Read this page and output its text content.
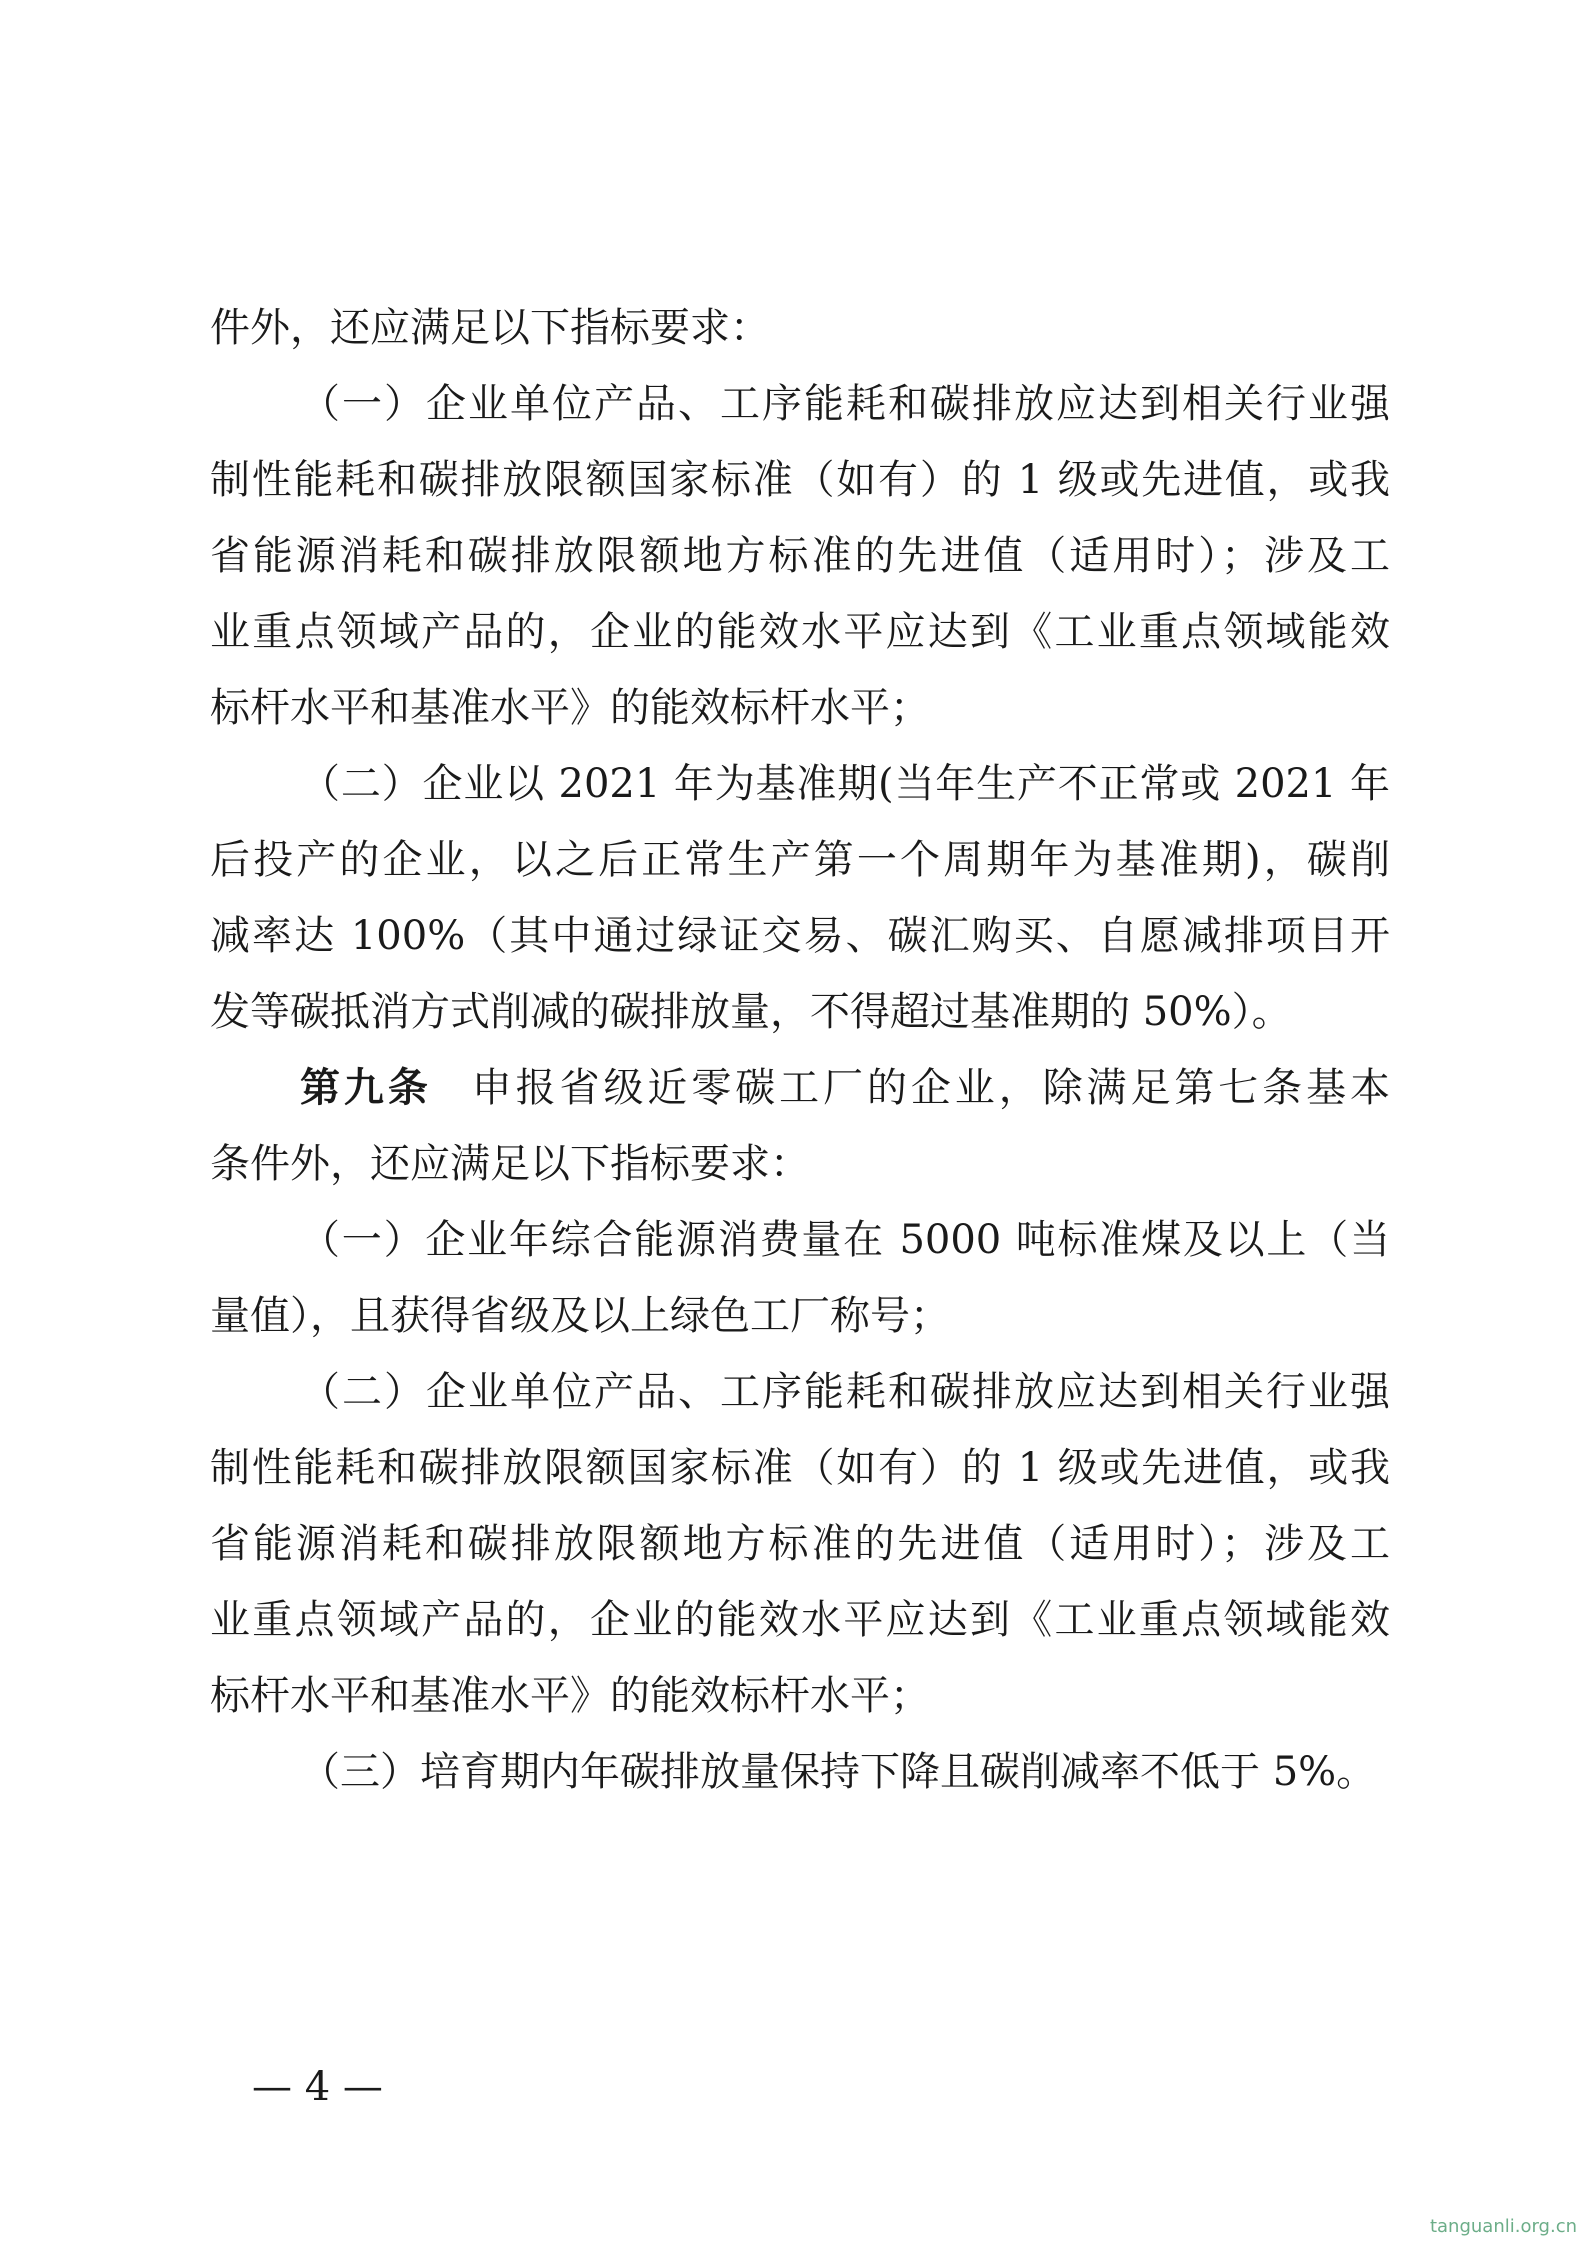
件外，还应满足以下指标要求：
（一）企业单位产品、工序能耗和碳排放应达到相关行业强
制性能耗和碳排放限额国家标准（如有）的 1 级或先进值，或我
省能源消耗和碳排放限额地方标准的先进值（适用时）；涉及工
业重点领域产品的，企业的能效水平应达到《工业重点领域能效
标杆水平和基准水平》的能效标杆水平；
（二）企业以 2021 年为基准期(当年生产不正常或 2021 年
后投产的企业，以之后正常生产第一个周期年为基准期)，碳削
减率达 100%（其中通过绿证交易、碳汇购买、自愿减排项目开
发等碳抵消方式削减的碳排放量，不得超过基准期的 50%）。
第九条 申报省级近零碳工厂的企业，除满足第七条基本
条件外，还应满足以下指标要求：
（一）企业年综合能源消费量在 5000 吨标准煤及以上（当
量值），且获得省级及以上绿色工厂称号；
（二）企业单位产品、工序能耗和碳排放应达到相关行业强
制性能耗和碳排放限额国家标准（如有）的 1 级或先进值，或我
省能源消耗和碳排放限额地方标准的先进值（适用时）；涉及工
业重点领域产品的，企业的能效水平应达到《工业重点领域能效
标杆水平和基准水平》的能效标杆水平；
（三）培育期内年碳排放量保持下降且碳削减率不低于 5%。
— 4 —
tanguanli.org.cn
